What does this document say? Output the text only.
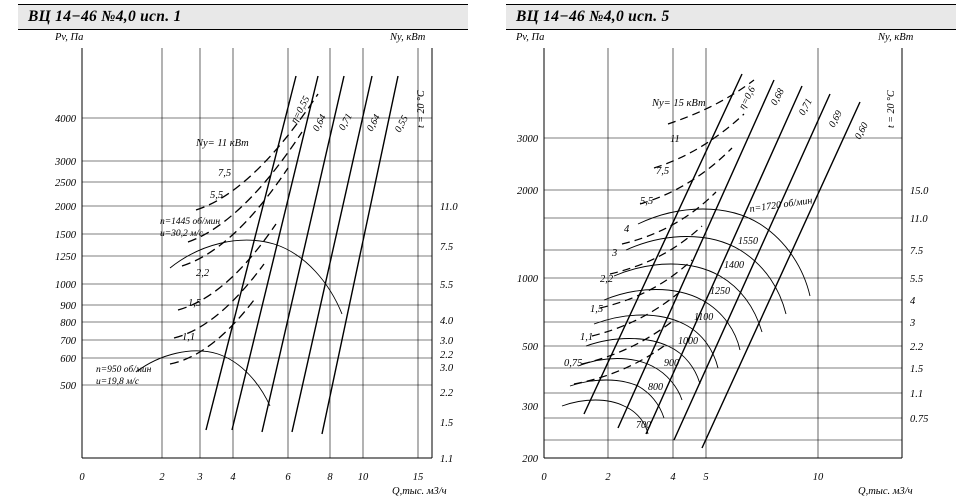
ВЦ 14−46 №4,0 исп. 1
Pv, Па	Ny, кВт
Q,тыс. м3/ч
4000
3000
2500
2000
1500
1250
1000
900
800
700
600
500
11.0
7.5
5.5
4.0
3.0
2.2
3.0
2.2
1.5
1.1
0	2	3	4	6	8 10	15
t = 20 °C
η=0,55
0,64 0,71 0,64 0,55
Ny= 11 кВт
7,5
5,5
2,2
1,5
1,1
n=1445 об/мин
u=30,2 м/с
n=950 об/мин
u=19,8 м/с
ВЦ 14−46 №4,0 исп. 5
Pv, Па	Ny, кВт
Q,тыс. м3/ч
3000
2000
1000
500
300
200
15.0
11.0
7.5
5.5
4
3
2.2
1.5
1.1
0.75
0	2	4	5	10
t = 20 °C
η=0,6 0,68 0,71
0,69
0,60
Ny= 15 кВт
11
7,5
5,5
4
3
2,2
1,5
1,1
0,75
n=1720 об/мин
1550
1400
1250
1100
1000
900
800
700
